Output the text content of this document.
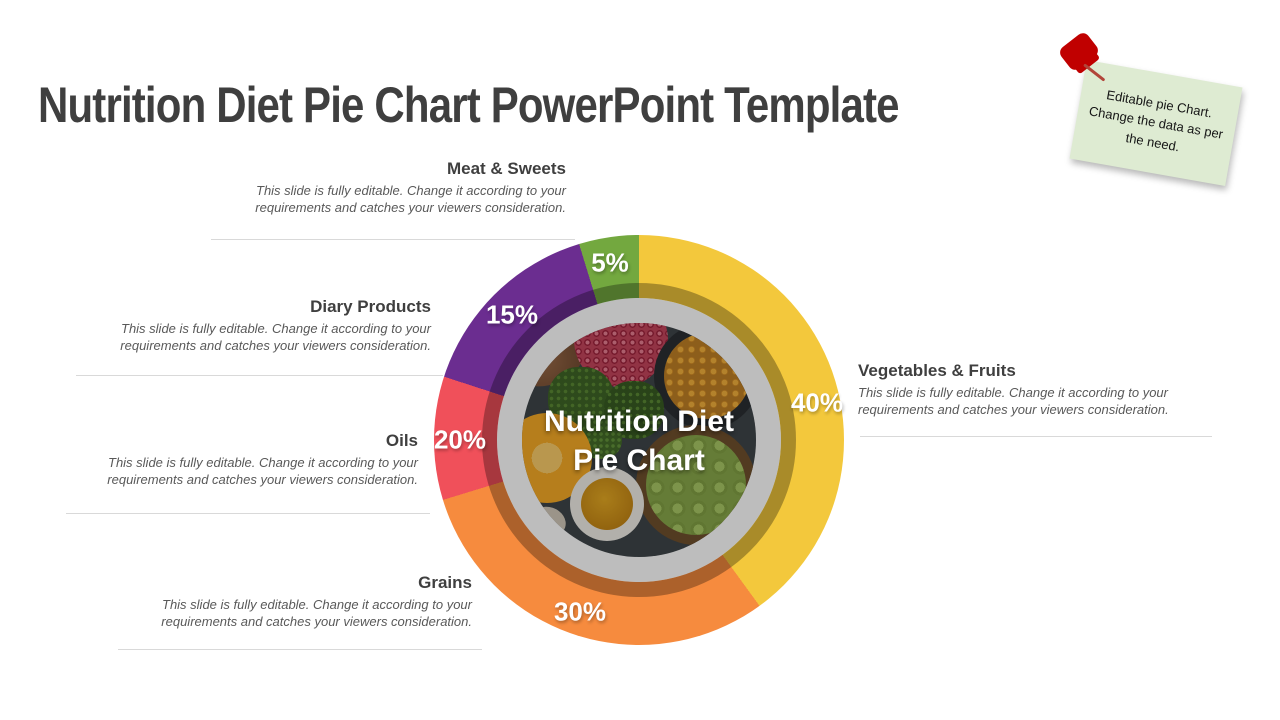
Nutrition Diet Pie Chart PowerPoint Template	Editable pie Chart. Change the data as per the need.

Meat & Sweets

This slide is fully editable. Change it according to your requirements and catches your viewers consideration.

Diary Products

This slide is fully editable. Change it according to your requirements and catches your viewers consideration.

Oils

This slide is fully editable. Change it according to your requirements and catches your viewers consideration.

Grains

This slide is fully editable. Change it according to your requirements and catches your viewers consideration.

Vegetables & Fruits

This slide is fully editable. Change it according to your requirements and catches your viewers consideration.

Nutrition Diet
Pie Chart
40%
30%
20%
15%
5%
